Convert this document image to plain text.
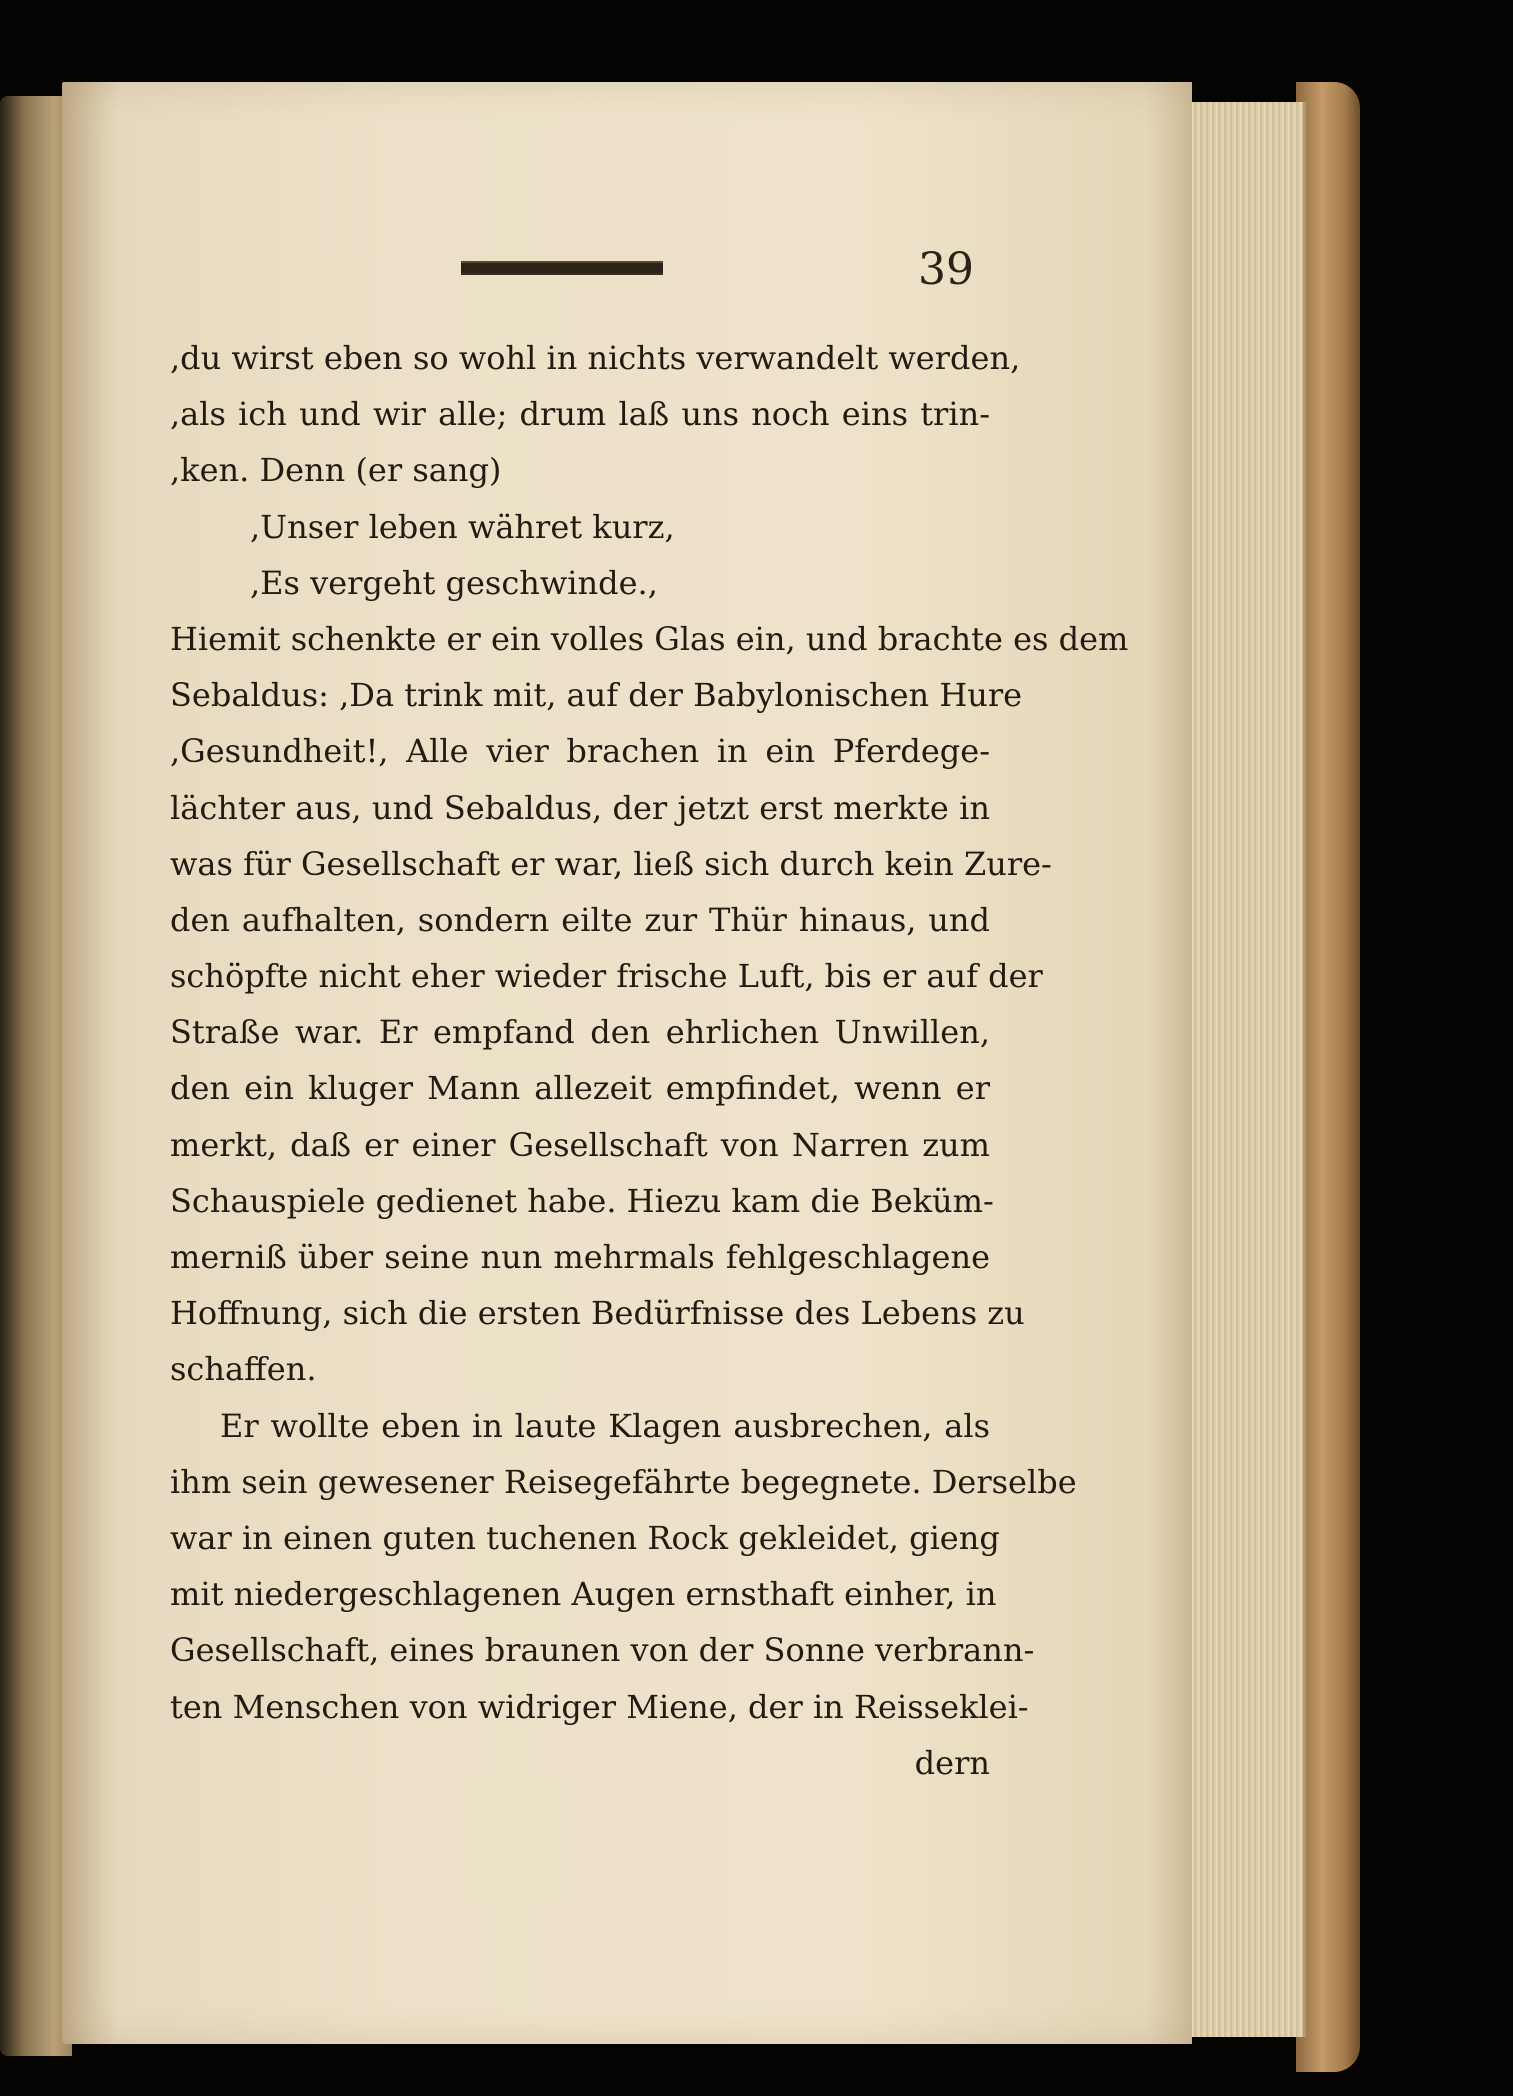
39
,du wirst eben so wohl in nichts verwandelt werden,
,als ich und wir alle; drum laß uns noch eins trin-
,ken. Denn (er sang)
,Unser leben währet kurz,
,Es vergeht geschwinde.,
Hiemit schenkte er ein volles Glas ein, und brachte es dem
Sebaldus: ,Da trink mit, auf der Babylonischen Hure
,Gesundheit!, Alle vier brachen in ein Pferdege-
lächter aus, und Sebaldus, der jetzt erst merkte in
was für Gesellschaft er war, ließ sich durch kein Zure-
den aufhalten, sondern eilte zur Thür hinaus, und
schöpfte nicht eher wieder frische Luft, bis er auf der
Straße war. Er empfand den ehrlichen Unwillen,
den ein kluger Mann allezeit empfindet, wenn er
merkt, daß er einer Gesellschaft von Narren zum
Schauspiele gedienet habe. Hiezu kam die Beküm-
merniß über seine nun mehrmals fehlgeschlagene
Hoffnung, sich die ersten Bedürfnisse des Lebens zu
schaffen.
Er wollte eben in laute Klagen ausbrechen, als
ihm sein gewesener Reisegefährte begegnete. Derselbe
war in einen guten tuchenen Rock gekleidet, gieng
mit niedergeschlagenen Augen ernsthaft einher, in
Gesellschaft, eines braunen von der Sonne verbrann-
ten Menschen von widriger Miene, der in Reisseklei-
dern
